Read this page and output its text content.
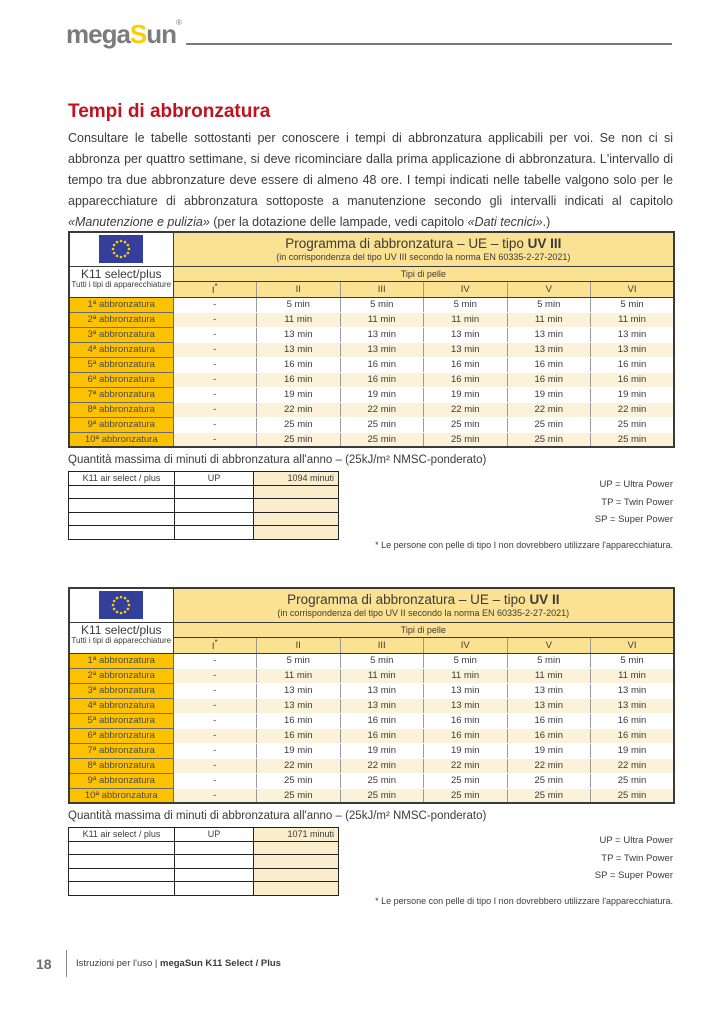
megaSun®
Tempi di abbronzatura

Consultare le tabelle sottostanti per conoscere i tempi di abbronzatura applicabili per voi. Se non ci si abbronza per quattro settimane, si deve ricominciare dalla prima applicazione di abbronzatura. L'intervallo di tempo tra due abbronzature deve essere di almeno 48 ore. I tempi indicati nelle tabelle valgono solo per le apparecchiature di abbronzatura sottoposte a manutenzione secondo gli intervalli indicati al capitolo «Manutenzione e pulizia» (per la dotazione delle lampade, vedi capitolo «Dati tecnici».)

Programma di abbronzatura – UE – tipo UV III
(in corrispondenza del tipo UV III secondo la norma EN 60335-2-27-2021)					

K11 select/plus
Tutti i tipi di apparecchiature	Tipi di pelle					
	I*	II	III	IV	V	VI
1ª abbronzatura	-	5 min	5 min	5 min	5 min	5 min
2ª abbronzatura	-	11 min	11 min	11 min	11 min	11 min
3ª abbronzatura	-	13 min	13 min	13 min	13 min	13 min
4ª abbronzatura	-	13 min	13 min	13 min	13 min	13 min
5ª abbronzatura	-	16 min	16 min	16 min	16 min	16 min
6ª abbronzatura	-	16 min	16 min	16 min	16 min	16 min
7ª abbronzatura	-	19 min	19 min	19 min	19 min	19 min
8ª abbronzatura	-	22 min	22 min	22 min	22 min	22 min
9ª abbronzatura	-	25 min	25 min	25 min	25 min	25 min
10ª abbronzatura	-	25 min	25 min	25 min	25 min	25 min
Quantità massima di minuti di abbronzatura all'anno – (25kJ/m² NMSC-ponderato)
K11 air select / plus	UP	1094 minuti

UP = Ultra Power
TP = Twin Power
SP = Super Power
* Le persone con pelle di tipo I non dovrebbero utilizzare l'apparecchiatura.

Programma di abbronzatura – UE – tipo UV II
(in corrispondenza del tipo UV II secondo la norma EN 60335-2-27-2021)					

K11 select/plus
Tutti i tipi di apparecchiature	Tipi di pelle					
	I*	II	III	IV	V	VI
1ª abbronzatura	-	5 min	5 min	5 min	5 min	5 min
2ª abbronzatura	-	11 min	11 min	11 min	11 min	11 min
3ª abbronzatura	-	13 min	13 min	13 min	13 min	13 min
4ª abbronzatura	-	13 min	13 min	13 min	13 min	13 min
5ª abbronzatura	-	16 min	16 min	16 min	16 min	16 min
6ª abbronzatura	-	16 min	16 min	16 min	16 min	16 min
7ª abbronzatura	-	19 min	19 min	19 min	19 min	19 min
8ª abbronzatura	-	22 min	22 min	22 min	22 min	22 min
9ª abbronzatura	-	25 min	25 min	25 min	25 min	25 min
10ª abbronzatura	-	25 min	25 min	25 min	25 min	25 min
Quantità massima di minuti di abbronzatura all'anno – (25kJ/m² NMSC-ponderato)
K11 air select / plus	UP	1071 minuti

UP = Ultra Power
TP = Twin Power
SP = Super Power
* Le persone con pelle di tipo I non dovrebbero utilizzare l'apparecchiatura.
18	Istruzioni per l'uso | megaSun K11 Select / Plus
